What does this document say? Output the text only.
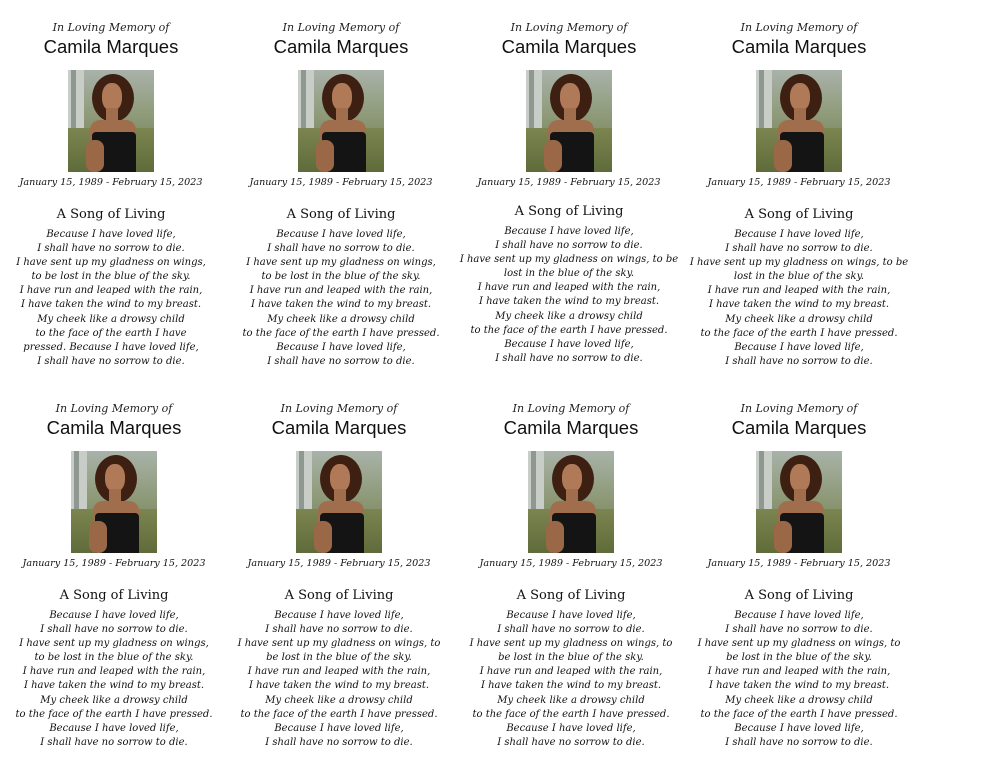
In Loving Memory of
Camila Marques
January 15, 1989 - February 15, 2023
A Song of Living
Because I have loved life,
I shall have no sorrow to die.
I have sent up my gladness on wings,
to be lost in the blue of the sky.
I have run and leaped with the rain,
I have taken the wind to my breast.
My cheek like a drowsy child
to the face of the earth I have
pressed. Because I have loved life,
I shall have no sorrow to die.
In Loving Memory of
Camila Marques
January 15, 1989 - February 15, 2023
A Song of Living
Because I have loved life,
I shall have no sorrow to die.
I have sent up my gladness on wings,
to be lost in the blue of the sky.
I have run and leaped with the rain,
I have taken the wind to my breast.
My cheek like a drowsy child
to the face of the earth I have pressed.
Because I have loved life,
I shall have no sorrow to die.
In Loving Memory of
Camila Marques
January 15, 1989 - February 15, 2023
A Song of Living
Because I have loved life,
I shall have no sorrow to die.
I have sent up my gladness on wings, to be
lost in the blue of the sky.
I have run and leaped with the rain,
I have taken the wind to my breast.
My cheek like a drowsy child
to the face of the earth I have pressed.
Because I have loved life,
I shall have no sorrow to die.
In Loving Memory of
Camila Marques
January 15, 1989 - February 15, 2023
A Song of Living
Because I have loved life,
I shall have no sorrow to die.
I have sent up my gladness on wings, to be
lost in the blue of the sky.
I have run and leaped with the rain,
I have taken the wind to my breast.
My cheek like a drowsy child
to the face of the earth I have pressed.
Because I have loved life,
I shall have no sorrow to die.
In Loving Memory of
Camila Marques
January 15, 1989 - February 15, 2023
A Song of Living
Because I have loved life,
I shall have no sorrow to die.
I have sent up my gladness on wings,
to be lost in the blue of the sky.
I have run and leaped with the rain,
I have taken the wind to my breast.
My cheek like a drowsy child
to the face of the earth I have pressed.
Because I have loved life,
I shall have no sorrow to die.
In Loving Memory of
Camila Marques
January 15, 1989 - February 15, 2023
A Song of Living
Because I have loved life,
I shall have no sorrow to die.
I have sent up my gladness on wings, to
be lost in the blue of the sky.
I have run and leaped with the rain,
I have taken the wind to my breast.
My cheek like a drowsy child
to the face of the earth I have pressed.
Because I have loved life,
I shall have no sorrow to die.
In Loving Memory of
Camila Marques
January 15, 1989 - February 15, 2023
A Song of Living
Because I have loved life,
I shall have no sorrow to die.
I have sent up my gladness on wings, to
be lost in the blue of the sky.
I have run and leaped with the rain,
I have taken the wind to my breast.
My cheek like a drowsy child
to the face of the earth I have pressed.
Because I have loved life,
I shall have no sorrow to die.
In Loving Memory of
Camila Marques
January 15, 1989 - February 15, 2023
A Song of Living
Because I have loved life,
I shall have no sorrow to die.
I have sent up my gladness on wings, to
be lost in the blue of the sky.
I have run and leaped with the rain,
I have taken the wind to my breast.
My cheek like a drowsy child
to the face of the earth I have pressed.
Because I have loved life,
I shall have no sorrow to die.
